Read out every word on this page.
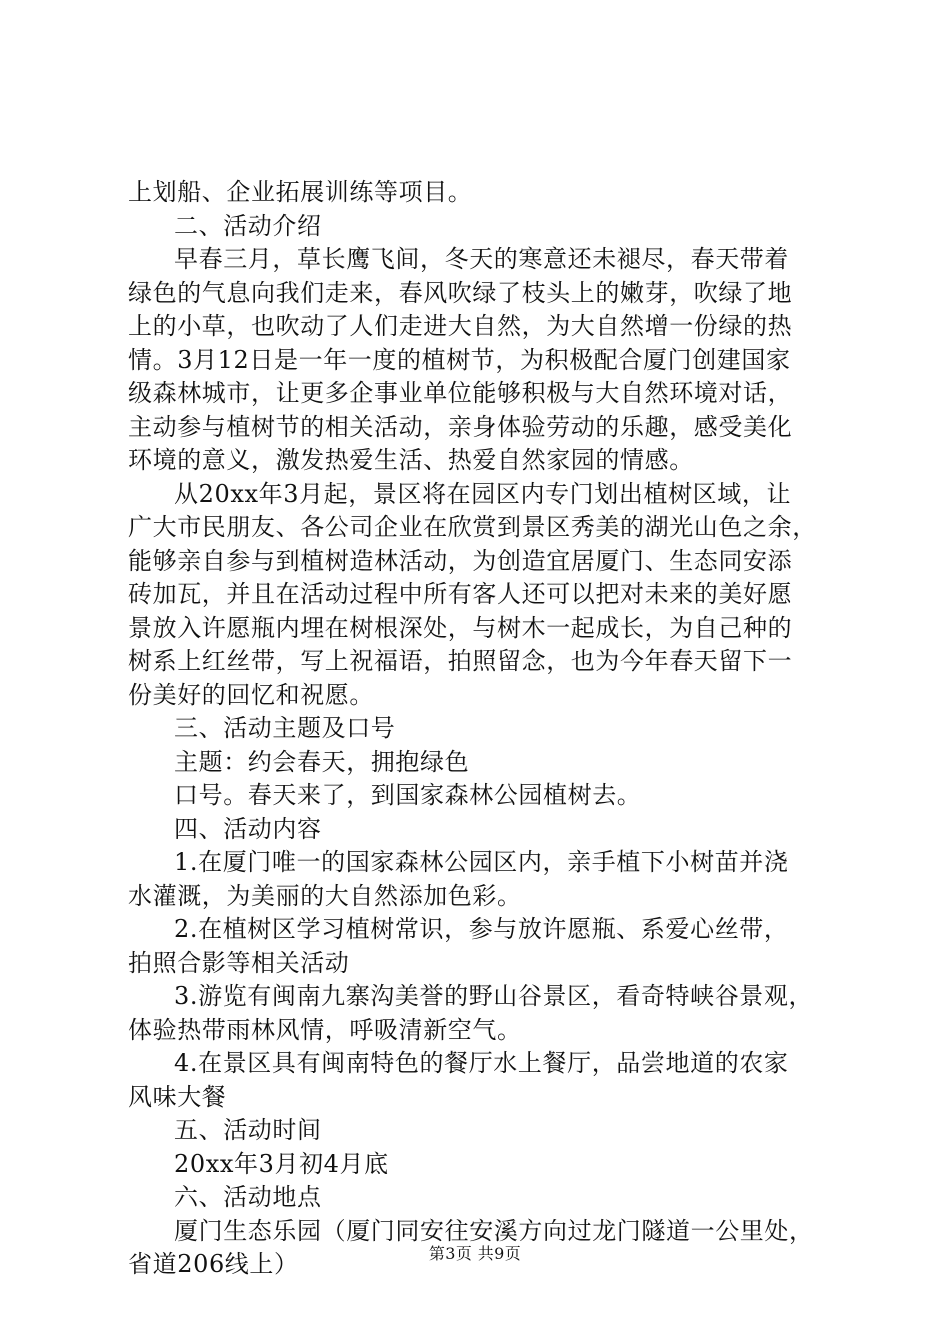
上划船、企业拓展训练等项目。
二、活动介绍
早春三月，草长鹰飞间，冬天的寒意还未褪尽，春天带着
绿色的气息向我们走来，春风吹绿了枝头上的嫩芽，吹绿了地
上的小草，也吹动了人们走进大自然，为大自然增一份绿的热
情。3月12日是一年一度的植树节，为积极配合厦门创建国家
级森林城市，让更多企事业单位能够积极与大自然环境对话，
主动参与植树节的相关活动，亲身体验劳动的乐趣，感受美化
环境的意义，激发热爱生活、热爱自然家园的情感。
从20xx年3月起，景区将在园区内专门划出植树区域，让
广大市民朋友、各公司企业在欣赏到景区秀美的湖光山色之余，
能够亲自参与到植树造林活动，为创造宜居厦门、生态同安添
砖加瓦，并且在活动过程中所有客人还可以把对未来的美好愿
景放入许愿瓶内埋在树根深处，与树木一起成长，为自己种的
树系上红丝带，写上祝福语，拍照留念，也为今年春天留下一
份美好的回忆和祝愿。
三、活动主题及口号
主题：约会春天，拥抱绿色
口号。春天来了，到国家森林公园植树去。
四、活动内容
1.在厦门唯一的国家森林公园区内，亲手植下小树苗并浇
水灌溉，为美丽的大自然添加色彩。
2.在植树区学习植树常识，参与放许愿瓶、系爱心丝带，
拍照合影等相关活动
3.游览有闽南九寨沟美誉的野山谷景区，看奇特峡谷景观，
体验热带雨林风情，呼吸清新空气。
4.在景区具有闽南特色的餐厅水上餐厅，品尝地道的农家
风味大餐
五、活动时间
20xx年3月初4月底
六、活动地点
厦门生态乐园（厦门同安往安溪方向过龙门隧道一公里处，
省道206线上）	第3页 共9页
